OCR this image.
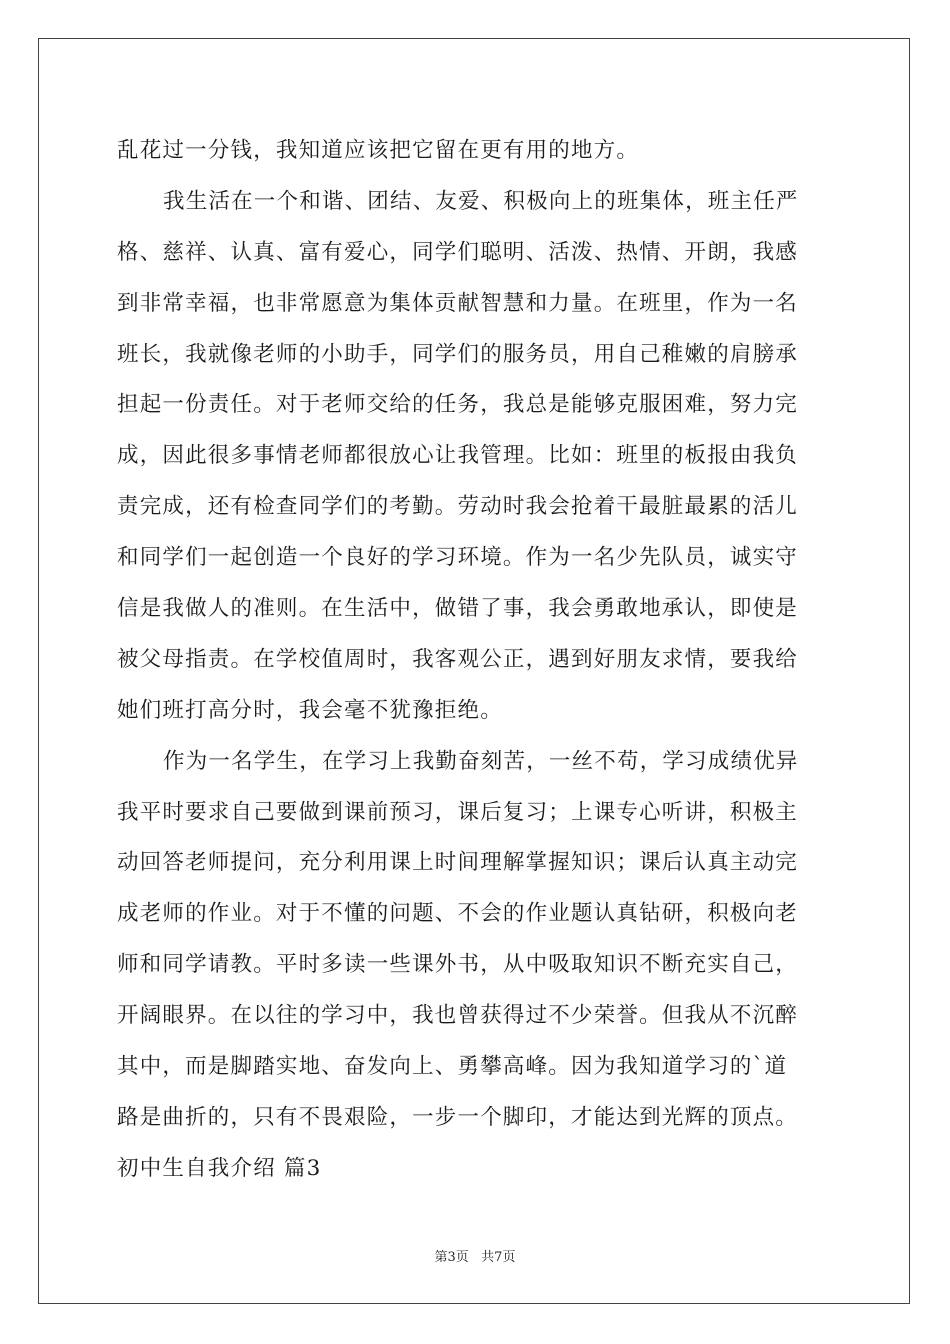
乱花过一分钱，我知道应该把它留在更有用的地方。
我生活在一个和谐、团结、友爱、积极向上的班集体，班主任严
格、慈祥、认真、富有爱心，同学们聪明、活泼、热情、开朗，我感
到非常幸福，也非常愿意为集体贡献智慧和力量。在班里，作为一名
班长，我就像老师的小助手，同学们的服务员，用自己稚嫩的肩膀承
担起一份责任。对于老师交给的任务，我总是能够克服困难，努力完
成，因此很多事情老师都很放心让我管理。比如：班里的板报由我负
责完成，还有检查同学们的考勤。劳动时我会抢着干最脏最累的活儿
和同学们一起创造一个良好的学习环境。作为一名少先队员，诚实守
信是我做人的准则。在生活中，做错了事，我会勇敢地承认，即使是
被父母指责。在学校值周时，我客观公正，遇到好朋友求情，要我给
她们班打高分时，我会毫不犹豫拒绝。
作为一名学生，在学习上我勤奋刻苦，一丝不苟，学习成绩优异
我平时要求自己要做到课前预习，课后复习；上课专心听讲，积极主
动回答老师提问，充分利用课上时间理解掌握知识；课后认真主动完
成老师的作业。对于不懂的问题、不会的作业题认真钻研，积极向老
师和同学请教。平时多读一些课外书，从中吸取知识不断充实自己，
开阔眼界。在以往的学习中，我也曾获得过不少荣誉。但我从不沉醉
其中，而是脚踏实地、奋发向上、勇攀高峰。因为我知道学习的`道
路是曲折的，只有不畏艰险，一步一个脚印，才能达到光辉的顶点。
初中生自我介绍 篇3
第3页   共7页
